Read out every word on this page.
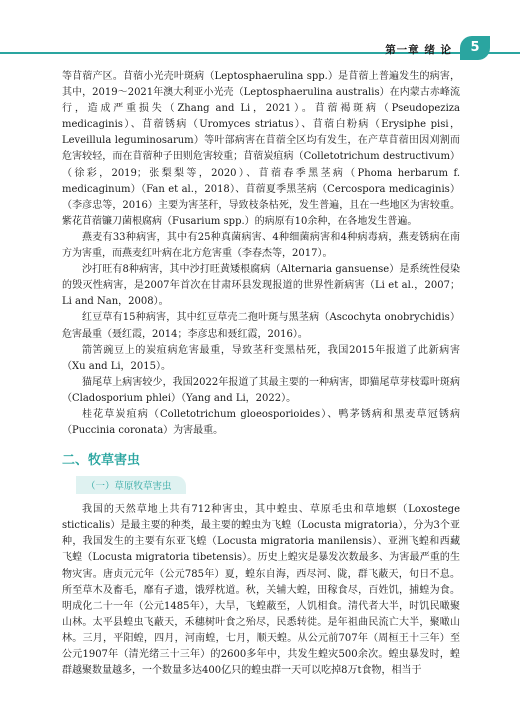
第一章 绪 论	5

等苜蓿产区。苜蓿小光壳叶斑病（Leptosphaerulina spp.）是苜蓿上普遍发生的病害，其中，2019～2021年澳大利亚小光壳（Leptosphaerulina australis）在内蒙古赤峰流行，造成严重损失（Zhang and Li，2021）。苜蓿褐斑病（Pseudopeziza medicaginis）、苜蓿锈病（Uromyces striatus）、苜蓿白粉病（Erysiphe pisi，Leveillula leguminosarum）等叶部病害在苜蓿全区均有发生，在产草苜蓿田因刈割而危害较轻，而在苜蓿种子田则危害较重；苜蓿炭疽病（Colletotrichum destructivum）（徐彩，2019；张梨梨等，2020）、苜蓿春季黑茎病（Phoma herbarum f. medicaginum）（Fan et al.，2018）、苜蓿夏季黑茎病（Cercospora medicaginis）（李彦忠等，2016）主要为害茎秆，导致枝条枯死，发生普遍，且在一些地区为害较重。紫花苜蓿镰刀菌根腐病（Fusarium spp.）的病原有10余种，在各地发生普遍。

燕麦有33种病害，其中有25种真菌病害、4种细菌病害和4种病毒病，燕麦锈病在南方为害重，而燕麦红叶病在北方危害重（李春杰等，2017）。

沙打旺有8种病害，其中沙打旺黄矮根腐病（Alternaria gansuense）是系统性侵染的毁灭性病害，是2007年首次在甘肃环县发现报道的世界性新病害（Li et al.，2007；Li and Nan，2008）。

红豆草有15种病害，其中红豆草壳二孢叶斑与黑茎病（Ascochyta onobrychidis）危害最重（聂红霞，2014；李彦忠和聂红霞，2016）。

箭筈豌豆上的炭疽病危害最重，导致茎秆变黑枯死，我国2015年报道了此新病害（Xu and Li，2015）。

猫尾草上病害较少，我国2022年报道了其最主要的一种病害，即猫尾草芽枝霉叶斑病（Cladosporium phlei）（Yang and Li，2022）。

桂花草炭疽病（Colletotrichum gloeosporioides）、鸭茅锈病和黑麦草冠锈病（Puccinia coronata）为害最重。

二、牧草害虫
（一）草原牧草害虫

我国的天然草地上共有712种害虫，其中蝗虫、草原毛虫和草地螟（Loxostege sticticalis）是最主要的种类，最主要的蝗虫为飞蝗（Locusta migratoria），分为3个亚种，我国发生的主要有东亚飞蝗（Locusta migratoria manilensis）、亚洲飞蝗和西藏飞蝗（Locusta migratoria tibetensis）。历史上蝗灾是暴发次数最多、为害最严重的生物灾害。唐贞元元年（公元785年）夏，蝗东自海，西尽河、陇，群飞蔽天，旬日不息。所至草木及畜毛，靡有孑遗，饿殍枕道。秋，关辅大蝗，田稼食尽，百姓饥，捕蝗为食。明成化二十一年（公元1485年），大旱，飞蝗蔽至，人饥相食。清代者大半，时饥民噉聚山林。太平县蝗虫飞蔽天，禾穗树叶食之殆尽，民悉转徙。是年祖曲民流亡大半，聚噉山林。三月，平阳蝗，四月，河南蝗，七月，顺天蝗。从公元前707年（周桓王十三年）至公元1907年（清光绪三十三年）的2600多年中，共发生蝗灾500余次。蝗虫暴发时，蝗群越聚数量越多，一个数量多达400亿只的蝗虫群一天可以吃掉8万t食物，相当于
